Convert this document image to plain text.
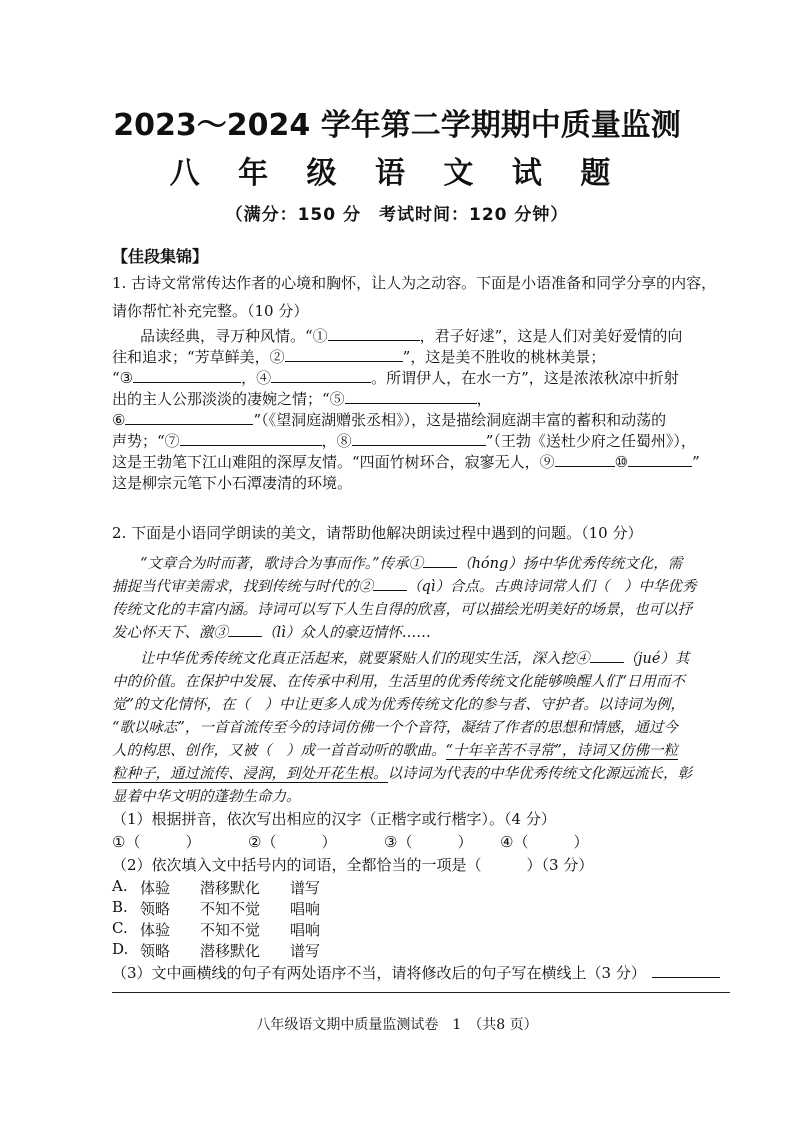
2023～2024 学年第二学期期中质量监测
八 年 级 语 文 试 题
（满分：150 分　考试时间：120 分钟）
【佳段集锦】
1. 古诗文常常传达作者的心境和胸怀，让人为之动容。下面是小语准备和同学分享的内容，
请你帮忙补充完整。（10 分）
品读经典，寻万种风情。“①	，君子好逑”，这是人们对美好爱情的向
往和追求；“芳草鲜美，②	”，这是美不胜收的桃林美景；
“③	，④	。所谓伊人，在水一方”，这是浓浓秋凉中折射
出的主人公那淡淡的凄婉之情；“⑤	，
⑥	”（《望洞庭湖赠张丞相》），这是描绘洞庭湖丰富的蓄积和动荡的
声势；“⑦	，⑧	”（王勃《送杜少府之任蜀州》），
这是王勃笔下江山难阻的深厚友情。“四面竹树环合，寂寥无人，⑨	⑩	”
这是柳宗元笔下小石潭凄清的环境。
2. 下面是小语同学朗读的美文，请帮助他解决朗读过程中遇到的问题。（10 分）
“文章合为时而著，歌诗合为事而作。”传承① （hóng）扬中华优秀传统文化，需
捕捉当代审美需求，找到传统与时代的② （qì）合点。古典诗词常人们（　）中华优秀
传统文化的丰富内涵。诗词可以写下人生自得的欣喜，可以描绘光明美好的场景，也可以抒
发心怀天下、激③ （lì）众人的豪迈情怀……
让中华优秀传统文化真正活起来，就要紧贴人们的现实生活，深入挖④ （jué）其
中的价值。在保护中发展、在传承中利用，生活里的优秀传统文化能够唤醒人们“日用而不
觉”的文化情怀，在（　）中让更多人成为优秀传统文化的参与者、守护者。以诗词为例，
“歌以咏志”，一首首流传至今的诗词仿佛一个个音符，凝结了作者的思想和情感，通过今
人的构思、创作，又被（　）成一首首动听的歌曲。“十年辛苦不寻常”，诗词又仿佛一粒
粒种子，通过流传、浸润，到处开花生根。以诗词为代表的中华优秀传统文化源远流长，彰
显着中华文明的蓬勃生命力。
（1）根据拼音，依次写出相应的汉字（正楷字或行楷字）。（4 分）
①（　　　）	②（　　　）	③（　　　） ④（　　　）
（2）依次填入文中括号内的词语，全都恰当的一项是（　　　）（3 分）
A. 体验 潜移默化 谱写
B. 领略 不知不觉 唱响
C. 体验 不知不觉 唱响
D. 领略 潜移默化 谱写
（3）文中画横线的句子有两处语序不当，请将修改后的句子写在横线上（3 分）
八年级语文期中质量监测试卷　1　（共8 页）
